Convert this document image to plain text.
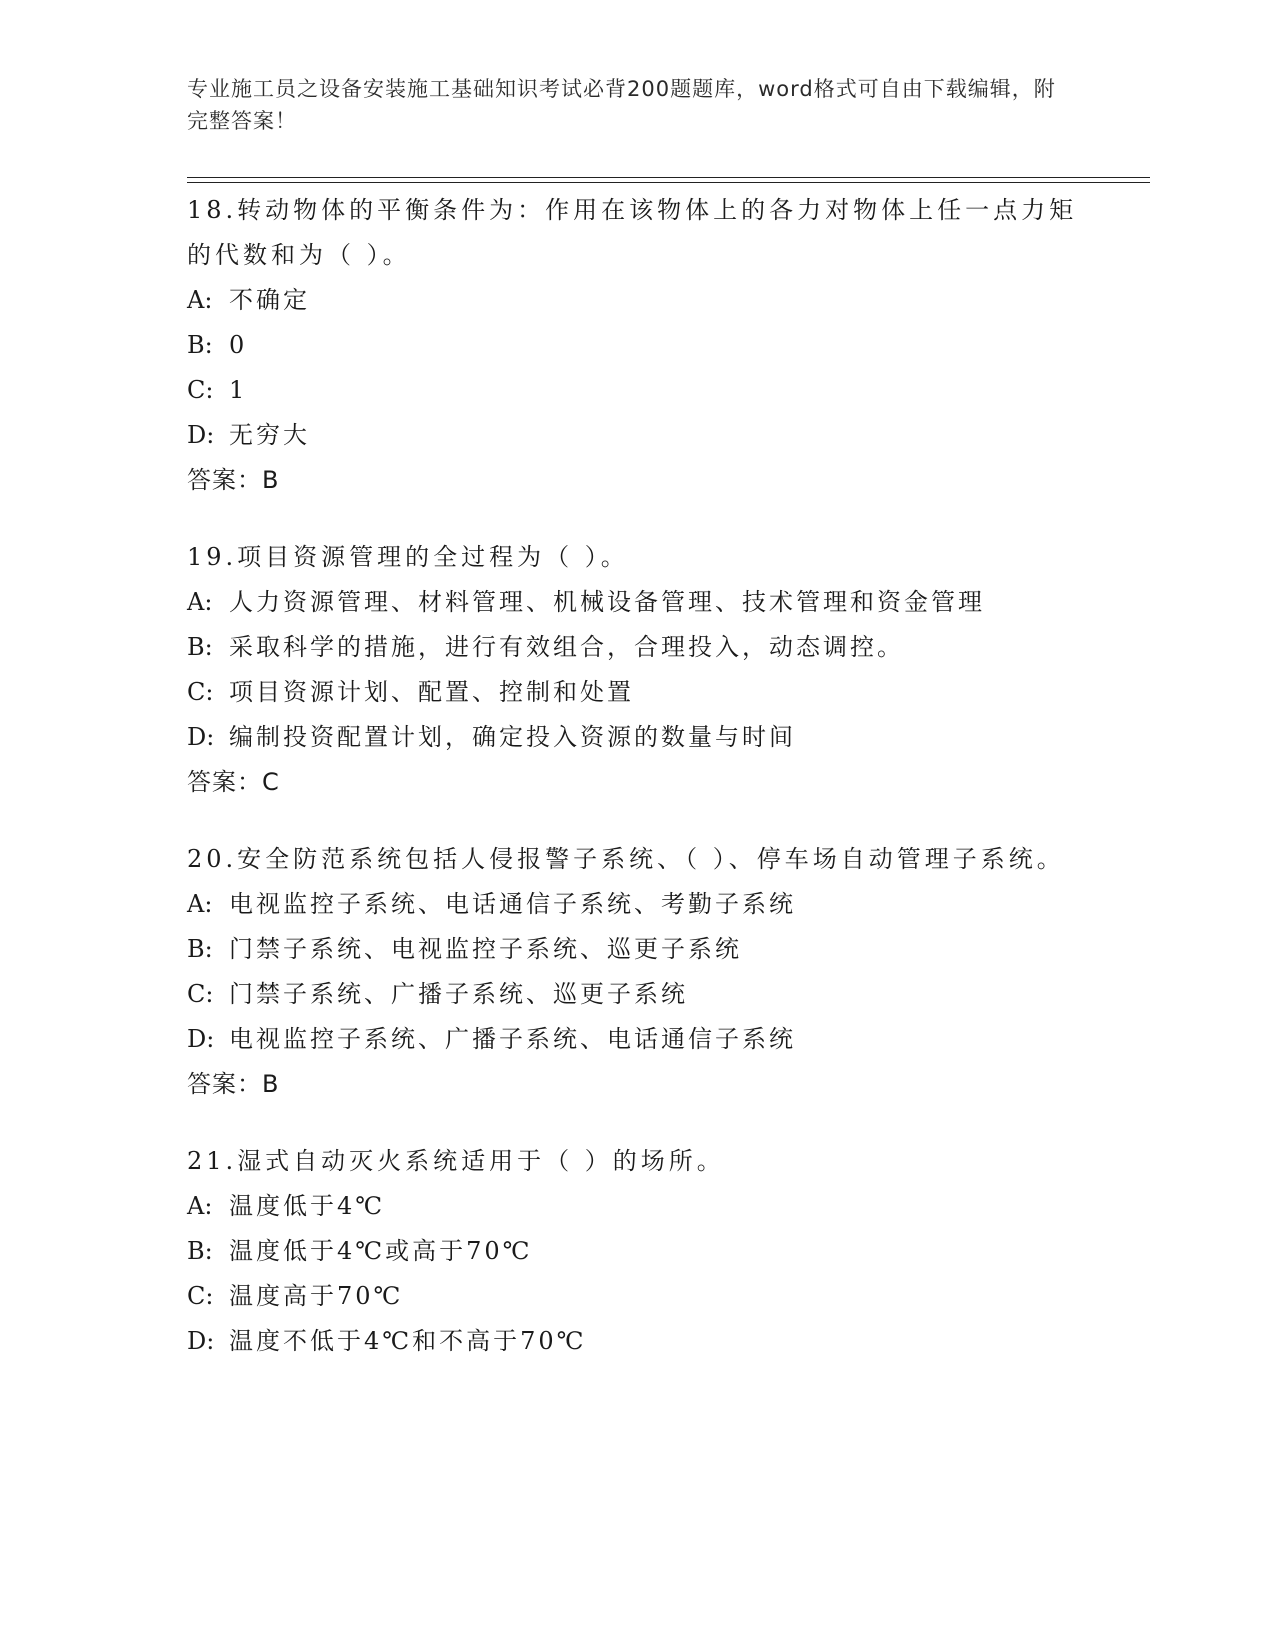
专业施工员之设备安装施工基础知识考试必背200题题库，word格式可自由下载编辑，附完整答案！
18.转动物体的平衡条件为：作用在该物体上的各力对物体上任一点力矩的代数和为（ ）。
A: 不确定
B: 0
C: 1
D: 无穷大
答案：B
19.项目资源管理的全过程为（ ）。
A: 人力资源管理、材料管理、机械设备管理、技术管理和资金管理
B: 采取科学的措施，进行有效组合，合理投入，动态调控。
C: 项目资源计划、配置、控制和处置
D: 编制投资配置计划，确定投入资源的数量与时间
答案：C
20.安全防范系统包括人侵报警子系统、（ ）、停车场自动管理子系统。
A: 电视监控子系统、电话通信子系统、考勤子系统
B: 门禁子系统、电视监控子系统、巡更子系统
C: 门禁子系统、广播子系统、巡更子系统
D: 电视监控子系统、广播子系统、电话通信子系统
答案：B
21.湿式自动灭火系统适用于（ ）的场所。
A: 温度低于4℃
B: 温度低于4℃或高于70℃
C: 温度高于70℃
D: 温度不低于4℃和不高于70℃
